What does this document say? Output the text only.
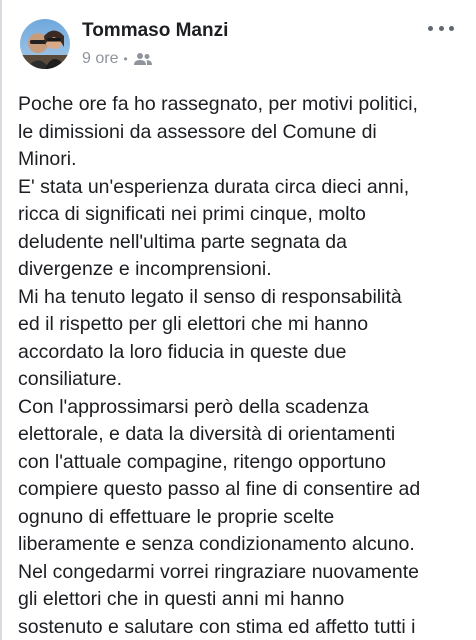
Tommaso Manzi
9 ore •
Poche ore fa ho rassegnato, per motivi politici,
le dimissioni da assessore del Comune di
Minori.
E' stata un'esperienza durata circa dieci anni,
ricca di significati nei primi cinque, molto
deludente nell'ultima parte segnata da
divergenze e incomprensioni.
Mi ha tenuto legato il senso di responsabilità
ed il rispetto per gli elettori che mi hanno
accordato la loro fiducia in queste due
consiliature.
Con l'approssimarsi però della scadenza
elettorale, e data la diversità di orientamenti
con l'attuale compagine, ritengo opportuno
compiere questo passo al fine di consentire ad
ognuno di effettuare le proprie scelte
liberamente e senza condizionamento alcuno.
Nel congedarmi vorrei ringraziare nuovamente
gli elettori che in questi anni mi hanno
sostenuto e salutare con stima ed affetto tutti i
